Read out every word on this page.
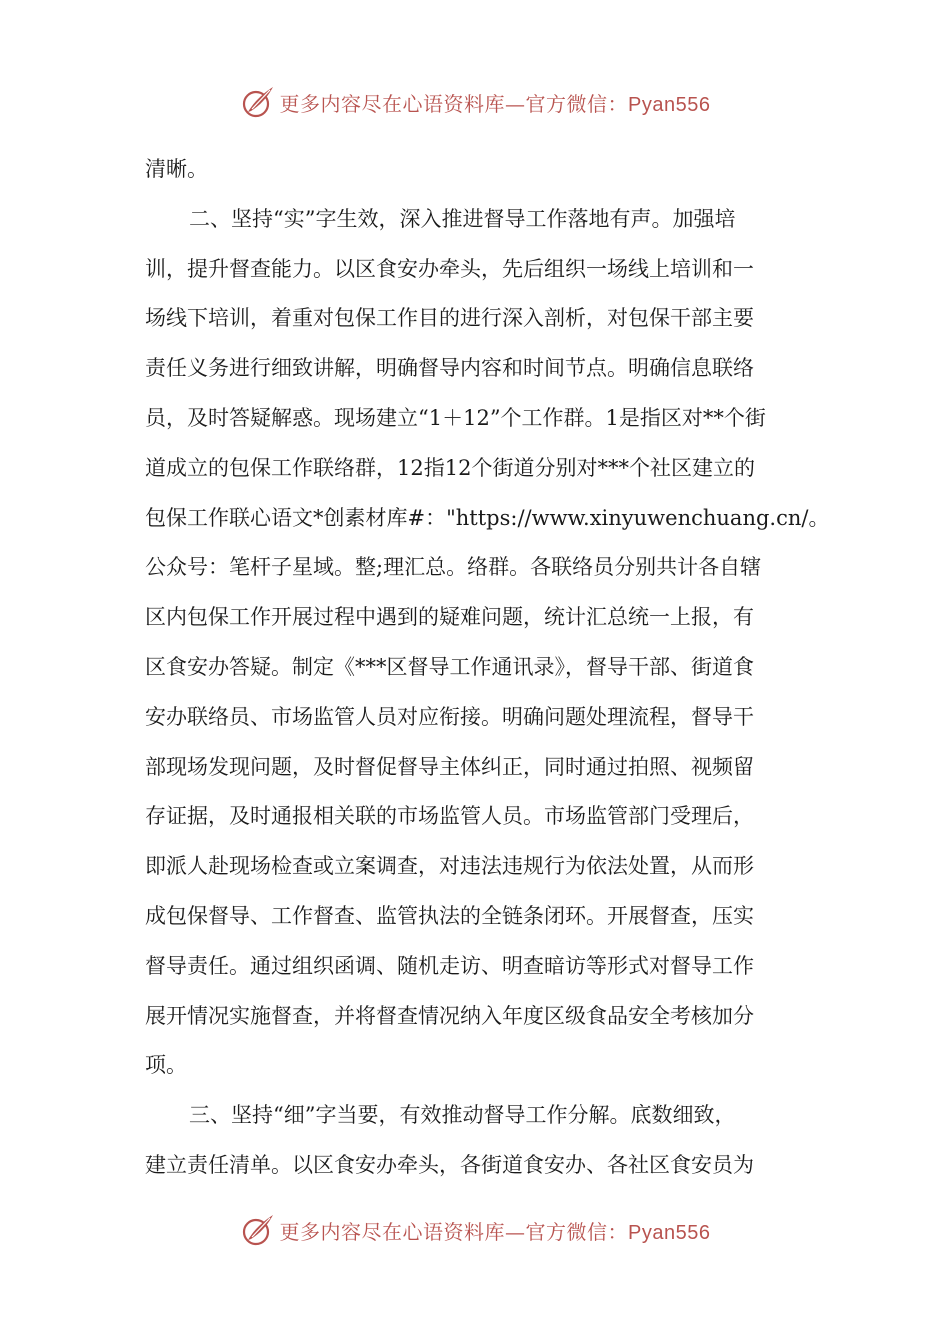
更多内容尽在心语资料库—官方微信：Pyan556
清晰。
二、坚持“实”字生效，深入推进督导工作落地有声。加强培
训，提升督查能力。以区食安办牵头，先后组织一场线上培训和一
场线下培训，着重对包保工作目的进行深入剖析，对包保干部主要
责任义务进行细致讲解，明确督导内容和时间节点。明确信息联络
员，及时答疑解惑。现场建立“1＋12”个工作群。1是指区对**个街
道成立的包保工作联络群，12指12个街道分别对***个社区建立的
包保工作联心语文*创素材库#："https://www.xinyuwenchuang.cn/。
公众号：笔杆子星域。整;理汇总。络群。各联络员分别共计各自辖
区内包保工作开展过程中遇到的疑难问题，统计汇总统一上报，有
区食安办答疑。制定《***区督导工作通讯录》，督导干部、街道食
安办联络员、市场监管人员对应衔接。明确问题处理流程，督导干
部现场发现问题，及时督促督导主体纠正，同时通过拍照、视频留
存证据，及时通报相关联的市场监管人员。市场监管部门受理后，
即派人赴现场检查或立案调查，对违法违规行为依法处置，从而形
成包保督导、工作督查、监管执法的全链条闭环。开展督查，压实
督导责任。通过组织函调、随机走访、明查暗访等形式对督导工作
展开情况实施督查，并将督查情况纳入年度区级食品安全考核加分
项。
三、坚持“细”字当要，有效推动督导工作分解。底数细致，
建立责任清单。以区食安办牵头，各街道食安办、各社区食安员为
更多内容尽在心语资料库—官方微信：Pyan556
